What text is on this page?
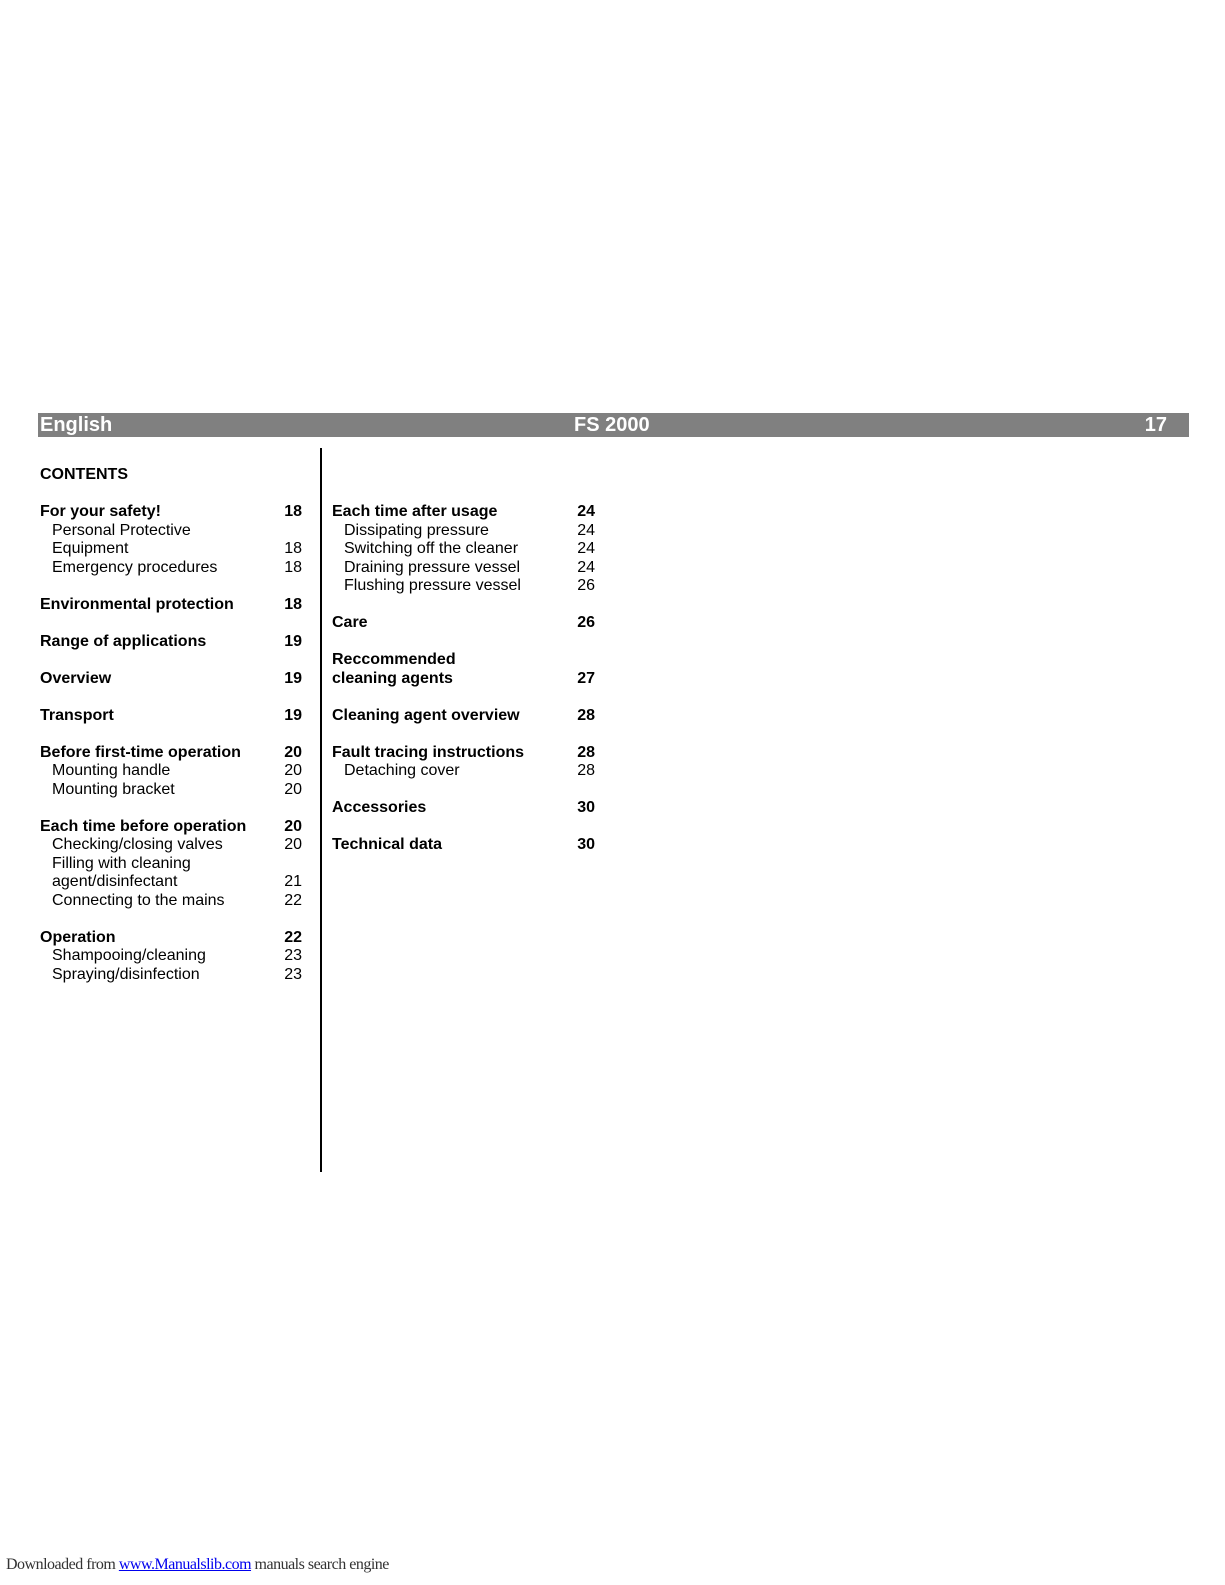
English	FS 2000	17
CONTENTS
For your safety!	18
Personal Protective
Equipment	18
Emergency procedures	18
Environmental protection	18
Range of applications	19
Overview	19
Transport	19
Before first-time operation	20
Mounting handle	20
Mounting bracket	20
Each time before operation 20
Checking/closing valves	20
Filling with cleaning
agent/disinfectant	21
Connecting to the mains	22
Operation	22
Shampooing/cleaning	23
Spraying/disinfection	23
Each time after usage	24
Dissipating pressure	24
Switching off the cleaner	24
Draining pressure vessel	24
Flushing pressure vessel	26
Care	26
Reccommended
cleaning agents	27
Cleaning agent overview	28
Fault tracing instructions	28
Detaching cover	28
Accessories	30
Technical data	30
Downloaded from www.Manualslib.com manuals search engine
